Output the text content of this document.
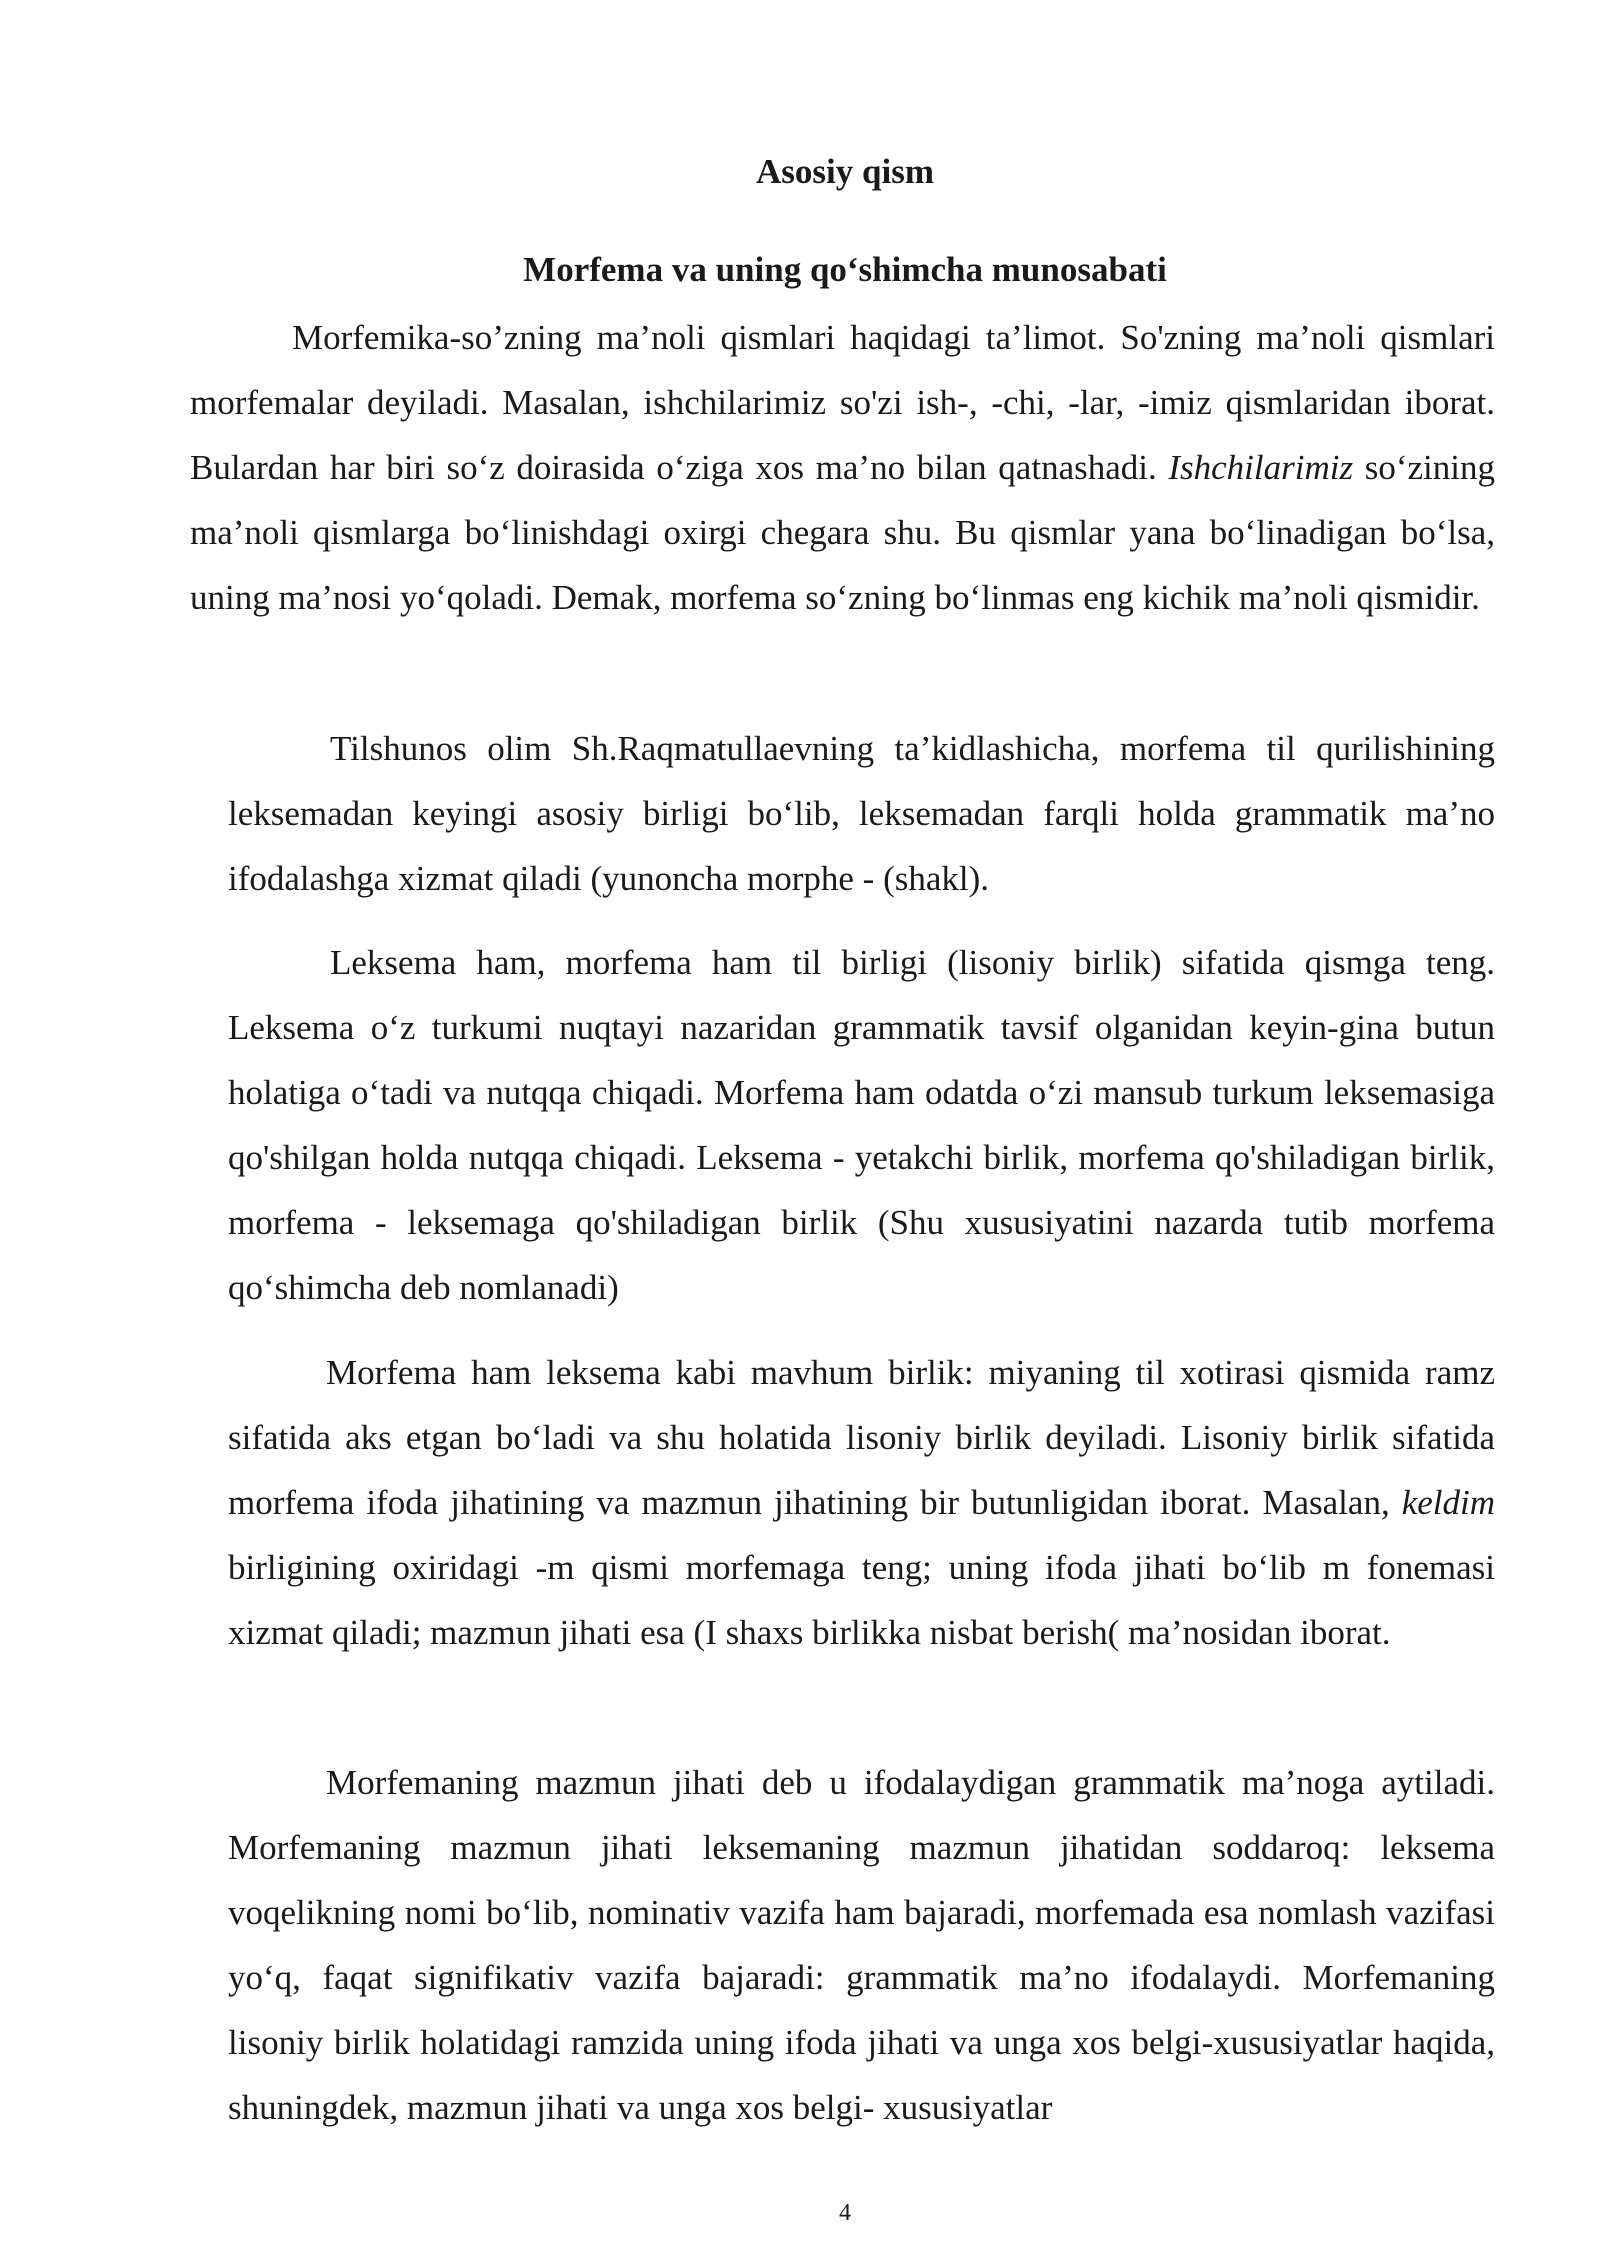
Asosiy qism
Morfema va uning qo‘shimcha munosabati

Morfemika-so’zning ma’noli qismlari haqidagi ta’limot. So'zning ma’noli qismlari morfemalar deyiladi. Masalan, ishchilarimiz so'zi ish-, -chi, -lar, -imiz qismlaridan iborat. Bulardan har biri so‘z doirasida o‘ziga xos ma’no bilan qatnashadi. Ishchilarimiz so‘zining ma’noli qismlarga bo‘linishdagi oxirgi chegara shu. Bu qismlar yana bo‘linadigan bo‘lsa, uning ma’nosi yo‘qoladi. Demak, morfema so‘zning bo‘linmas eng kichik ma’noli qismidir.

Tilshunos olim Sh.Raqmatullaevning ta’kidlashicha, morfema til qurilishining leksemadan keyingi asosiy birligi bo‘lib, leksemadan farqli holda grammatik ma’no ifodalashga xizmat qiladi (yunoncha morphe - (shakl).

Leksema ham, morfema ham til birligi (lisoniy birlik) sifatida qismga teng. Leksema o‘z turkumi nuqtayi nazaridan grammatik tavsif olganidan keyin-gina butun holatiga o‘tadi va nutqqa chiqadi. Morfema ham odatda o‘zi mansub turkum leksemasiga qo'shilgan holda nutqqa chiqadi. Leksema - yetakchi birlik, morfema qo'shiladigan birlik, morfema - leksemaga qo'shiladigan birlik (Shu xususiyatini nazarda tutib morfema qo‘shimcha deb nomlanadi)

Morfema ham leksema kabi mavhum birlik: miyaning til xotirasi qismida ramz sifatida aks etgan bo‘ladi va shu holatida lisoniy birlik deyiladi. Lisoniy birlik sifatida morfema ifoda jihatining va mazmun jihatining bir butunligidan iborat. Masalan, keldim birligining oxiridagi -m qismi morfemaga teng; uning ifoda jihati bo‘lib m fonemasi xizmat qiladi; mazmun jihati esa (I shaxs birlikka nisbat berish( ma’nosidan iborat.

Morfemaning mazmun jihati deb u ifodalaydigan grammatik ma’noga aytiladi. Morfemaning mazmun jihati leksemaning mazmun jihatidan soddaroq: leksema voqelikning nomi bo‘lib, nominativ vazifa ham bajaradi, morfemada esa nomlash vazifasi yo‘q, faqat signifikativ vazifa bajaradi: grammatik ma’no ifodalaydi. Morfemaning lisoniy birlik holatidagi ramzida uning ifoda jihati va unga xos belgi-xususiyatlar haqida, shuningdek, mazmun jihati va unga xos belgi- xususiyatlar

4
